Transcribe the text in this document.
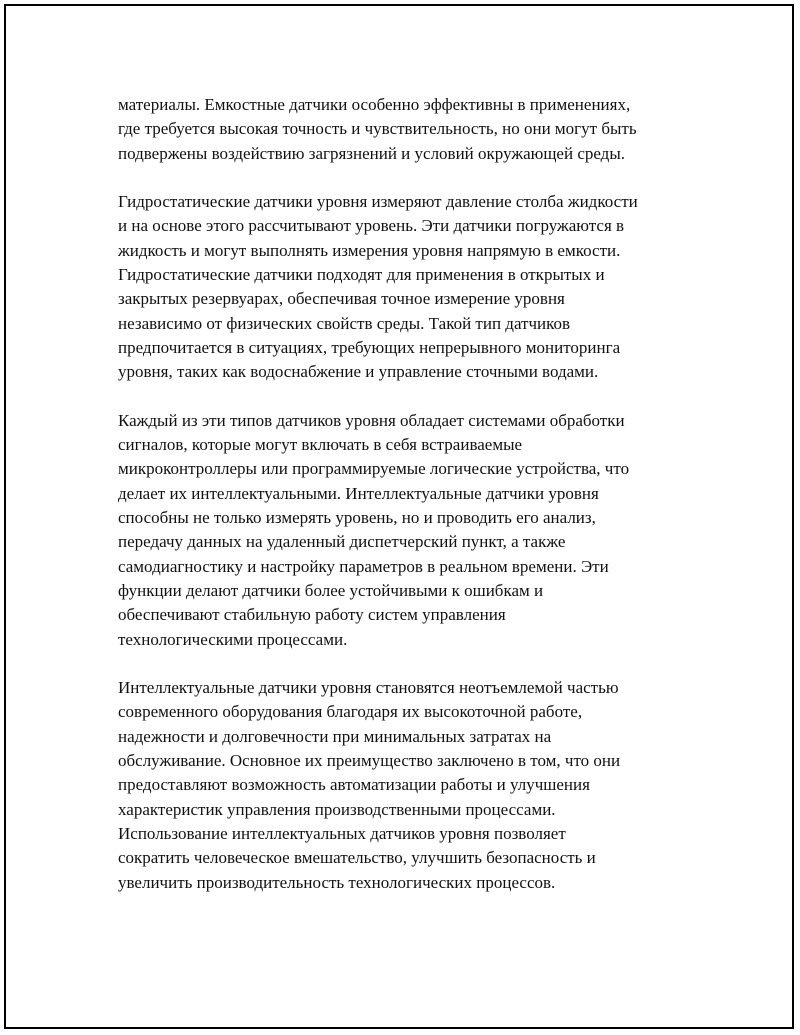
материалы. Емкостные датчики особенно эффективны в применениях,
где требуется высокая точность и чувствительность, но они могут быть
подвержены воздействию загрязнений и условий окружающей среды.

Гидростатические датчики уровня измеряют давление столба жидкости
и на основе этого рассчитывают уровень. Эти датчики погружаются в
жидкость и могут выполнять измерения уровня напрямую в емкости.
Гидростатические датчики подходят для применения в открытых и
закрытых резервуарах, обеспечивая точное измерение уровня
независимо от физических свойств среды. Такой тип датчиков
предпочитается в ситуациях, требующих непрерывного мониторинга
уровня, таких как водоснабжение и управление сточными водами.

Каждый из эти типов датчиков уровня обладает системами обработки
сигналов, которые могут включать в себя встраиваемые
микроконтроллеры или программируемые логические устройства, что
делает их интеллектуальными. Интеллектуальные датчики уровня
способны не только измерять уровень, но и проводить его анализ,
передачу данных на удаленный диспетчерский пункт, а также
самодиагностику и настройку параметров в реальном времени. Эти
функции делают датчики более устойчивыми к ошибкам и
обеспечивают стабильную работу систем управления
технологическими процессами.

Интеллектуальные датчики уровня становятся неотъемлемой частью
современного оборудования благодаря их высокоточной работе,
надежности и долговечности при минимальных затратах на
обслуживание. Основное их преимущество заключено в том, что они
предоставляют возможность автоматизации работы и улучшения
характеристик управления производственными процессами.
Использование интеллектуальных датчиков уровня позволяет
сократить человеческое вмешательство, улучшить безопасность и
увеличить производительность технологических процессов.
